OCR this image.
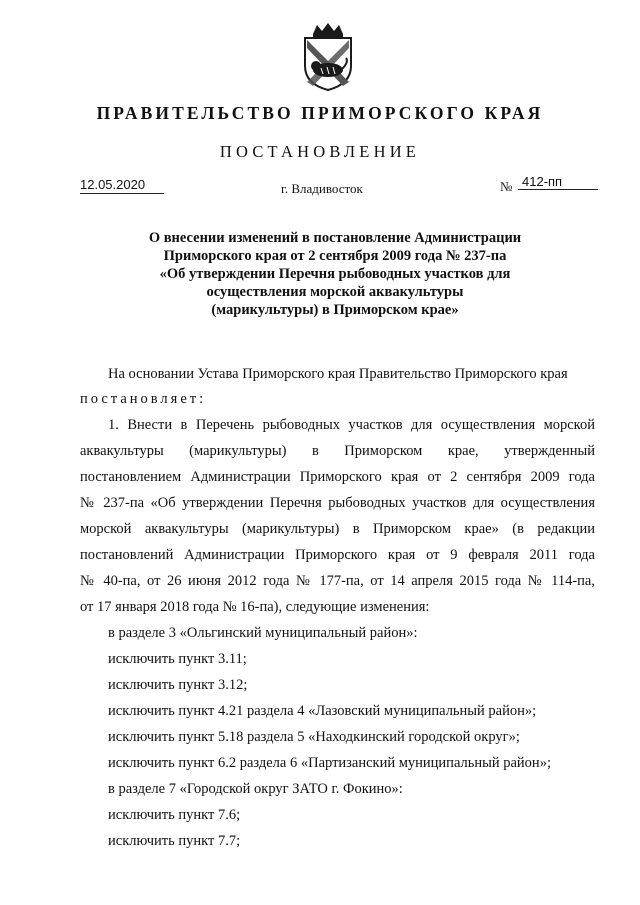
ПРАВИТЕЛЬСТВО ПРИМОРСКОГО КРАЯ
ПОСТАНОВЛЕНИЕ
12.05.2020	г. Владивосток	№ 412-пп
О внесении изменений в постановление Администрации
Приморского края от 2 сентября 2009 года № 237-па
«Об утверждении Перечня рыбоводных участков для
осуществления морской аквакультуры
(марикультуры) в Приморском крае»
На основании Устава Приморского края Правительство Приморского края
постановляет:
1. Внести в Перечень рыбоводных участков для осуществления морской
аквакультуры (марикультуры) в Приморском крае, утвержденный
постановлением Администрации Приморского края от 2 сентября 2009 года
№ 237-па «Об утверждении Перечня рыбоводных участков для осуществления
морской аквакультуры (марикультуры) в Приморском крае» (в редакции
постановлений Администрации Приморского края от 9 февраля 2011 года
№ 40-па, от 26 июня 2012 года № 177-па, от 14 апреля 2015 года № 114-па,
от 17 января 2018 года № 16-па), следующие изменения:
в разделе 3 «Ольгинский муниципальный район»:
исключить пункт 3.11;
исключить пункт 3.12;
исключить пункт 4.21 раздела 4 «Лазовский муниципальный район»;
исключить пункт 5.18 раздела 5 «Находкинский городской округ»;
исключить пункт 6.2 раздела 6 «Партизанский муниципальный район»;
в разделе 7 «Городской округ ЗАТО г. Фокино»:
исключить пункт 7.6;
исключить пункт 7.7;
